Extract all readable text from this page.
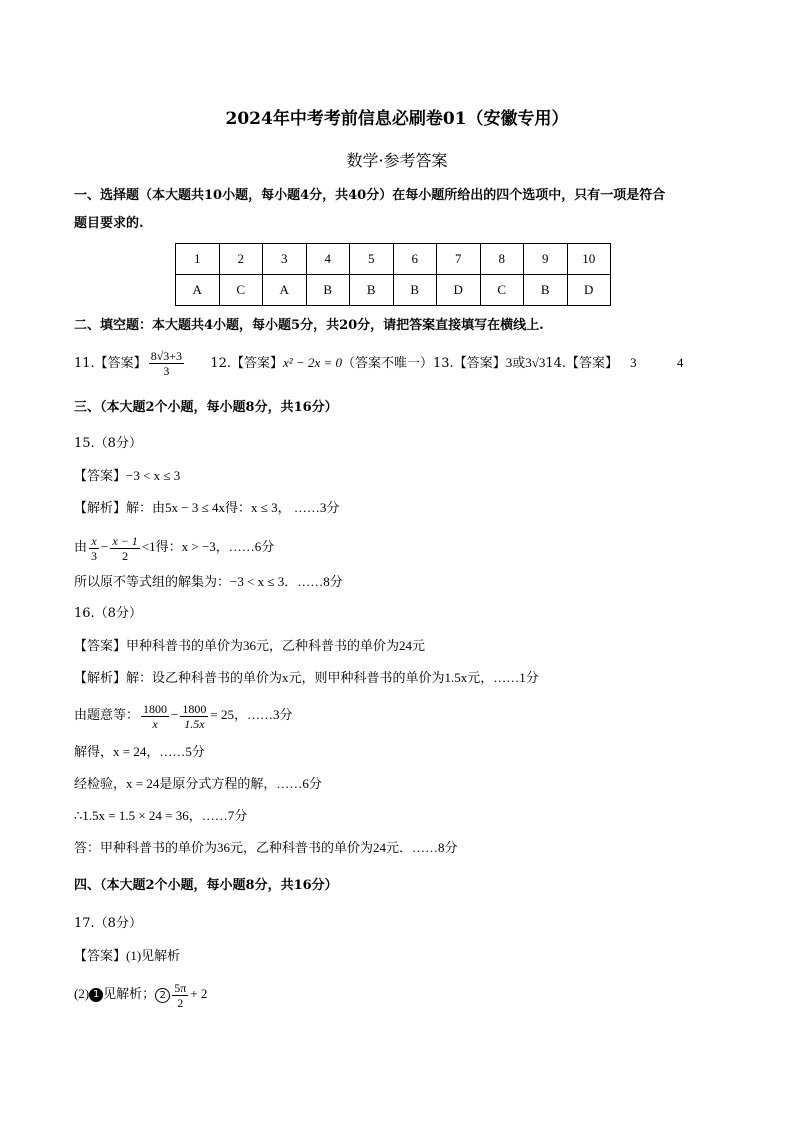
2024年中考考前信息必刷卷01（安徽专用）
数学·参考答案
一、选择题（本大题共10小题，每小题4分，共40分）在每小题所给出的四个选项中，只有一项是符合
题目要求的.
1	2	3	4	5	6	7	8	9	10
A	C	A	B	B	B	D	C	B	D
二、填空题：本大题共4小题，每小题5分，共20分，请把答案直接填写在横线上.
11.【答案】 $\frac{8√3+3}{3} 12$.【答案】x² − 2x = 0（答案不唯一）13.【答案】3或3√314.【答案】 3	4
三、（本大题2个小题，每小题8分，共16分）
15.（8分）
【答案】−3 < x ≤ 3
【解析】解：由5x − 3 ≤ 4x得：x ≤ 3， ……3分
由 $\frac{x}{3} - \frac{x - 1}{2} <1$得：x > −3，……6分
所以原不等式组的解集为：−3 < x ≤ 3．……8分
16.（8分）
【答案】甲种科普书的单价为36元，乙种科普书的单价为24元
【解析】解：设乙种科普书的单价为x元，则甲种科普书的单价为1.5x元，……1分
由题意等： $\frac{1800}{x} - \frac{1800}{1.5x} = 25$，……3分
解得，x = 24，……5分
经检验，x = 24是原分式方程的解，……6分
∴1.5x = 1.5 × 24 = 36，……7分
答：甲种科普书的单价为36元，乙种科普书的单价为24元．……8分
四、（本大题2个小题，每小题8分，共16分）
17.（8分）
【答案】(1)见解析
(2) 1 见解析； $2 \frac{5\pi}{2} + 2$
